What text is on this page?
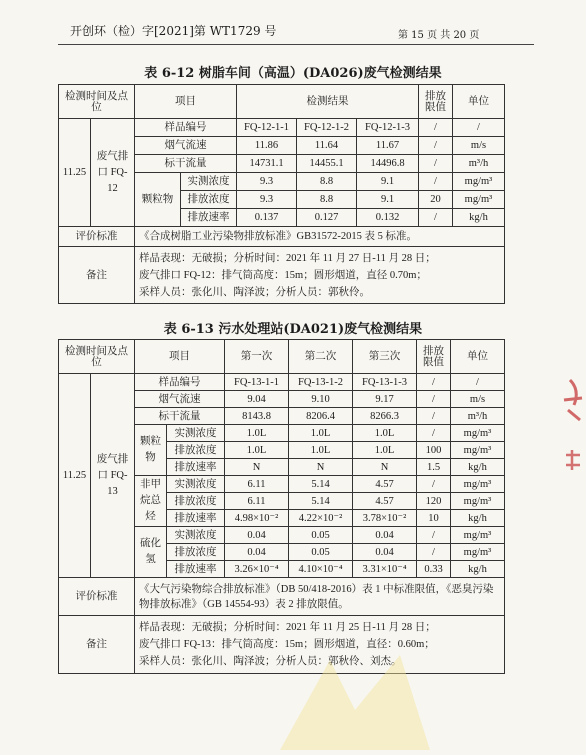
开创环（检）字[2021]第 WT1729 号	第 15 页 共 20 页
表 6-12 树脂车间（高温）(DA026)废气检测结果
检测时间及点位		项目		检测结果			排放限值	单位
11.25	废气排口 FQ-12	样品编号		FQ-12-1-1	FQ-12-1-2	FQ-12-1-3	/	/
		烟气流速		11.86	11.64	11.67	/	m/s
		标干流量		14731.1	14455.1	14496.8	/	m³/h
		颗粒物	实测浓度	9.3	8.8	9.1	/	mg/m³
			排放浓度	9.3	8.8	9.1	20	mg/m³
			排放速率	0.137	0.127	0.132	/	kg/h
评价标准		《合成树脂工业污染物排放标准》GB31572-2015 表 5 标准。						
备注		样品表现：无破损；分析时间：2021 年 11 月 27 日-11 月 28 日；
废气排口 FQ-12：排气筒高度：15m；圆形烟道，直径 0.70m；
采样人员：张化川、陶泽波；分析人员：郭秋伶。						
表 6-13 污水处理站(DA021)废气检测结果
检测时间及点位		项目		第一次	第二次	第三次	排放限值	单位
11.25	废气排口 FQ-13	样品编号		FQ-13-1-1	FQ-13-1-2	FQ-13-1-3	/	/
		烟气流速		9.04	9.10	9.17	/	m/s
		标干流量		8143.8	8206.4	8266.3	/	m³/h
		颗粒物	实测浓度	1.0L	1.0L	1.0L	/	mg/m³
			排放浓度	1.0L	1.0L	1.0L	100	mg/m³
			排放速率	N	N	N	1.5	kg/h
		非甲烷总烃	实测浓度	6.11	5.14	4.57	/	mg/m³
			排放浓度	6.11	5.14	4.57	120	mg/m³
			排放速率	4.98×10⁻²	4.22×10⁻²	3.78×10⁻²	10	kg/h
		硫化氢	实测浓度	0.04	0.05	0.04	/	mg/m³
			排放浓度	0.04	0.05	0.04	/	mg/m³
			排放速率	3.26×10⁻⁴	4.10×10⁻⁴	3.31×10⁻⁴	0.33	kg/h
评价标准		《大气污染物综合排放标准》（DB 50/418-2016）表 1 中标准限值，《恶臭污染物排放标准》（GB 14554-93）表 2 排放限值。						
备注		样品表现：无破损；分析时间：2021 年 11 月 25 日-11 月 28 日；
废气排口 FQ-13：排气筒高度：15m；圆形烟道，直径：0.60m；
采样人员：张化川、陶泽波；分析人员：郭秋伶、刘杰。						
